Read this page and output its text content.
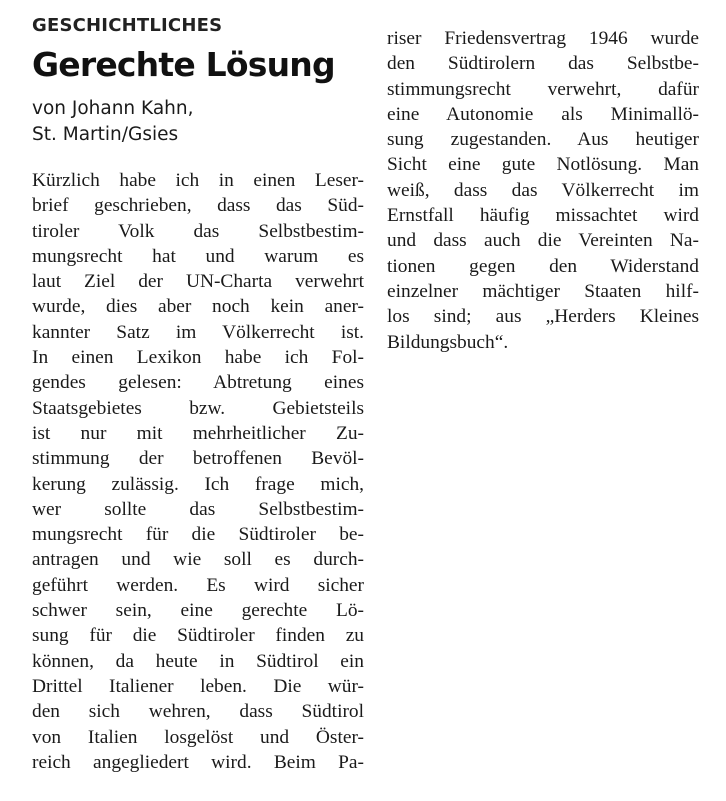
GESCHICHTLICHES
Gerechte Lösung
von Johann Kahn,
St. Martin/Gsies
Kürzlich habe ich in einen Leser-
brief geschrieben, dass das Süd-
tiroler Volk das Selbstbestim-
mungsrecht hat und warum es
laut Ziel der UN-Charta verwehrt
wurde, dies aber noch kein aner-
kannter Satz im Völkerrecht ist.
In einen Lexikon habe ich Fol-
gendes gelesen: Abtretung eines
Staatsgebietes bzw. Gebietsteils
ist nur mit mehrheitlicher Zu-
stimmung der betroffenen Bevöl-
kerung zulässig. Ich frage mich,
wer sollte das Selbstbestim-
mungsrecht für die Südtiroler be-
antragen und wie soll es durch-
geführt werden. Es wird sicher
schwer sein, eine gerechte Lö-
sung für die Südtiroler finden zu
können, da heute in Südtirol ein
Drittel Italiener leben. Die wür-
den sich wehren, dass Südtirol
von Italien losgelöst und Öster-
reich angegliedert wird. Beim Pa-
riser Friedensvertrag 1946 wurde
den Südtirolern das Selbstbe-
stimmungsrecht verwehrt, dafür
eine Autonomie als Minimallö-
sung zugestanden. Aus heutiger
Sicht eine gute Notlösung. Man
weiß, dass das Völkerrecht im
Ernstfall häufig missachtet wird
und dass auch die Vereinten Na-
tionen gegen den Widerstand
einzelner mächtiger Staaten hilf-
los sind; aus „Herders Kleines
Bildungsbuch“.
